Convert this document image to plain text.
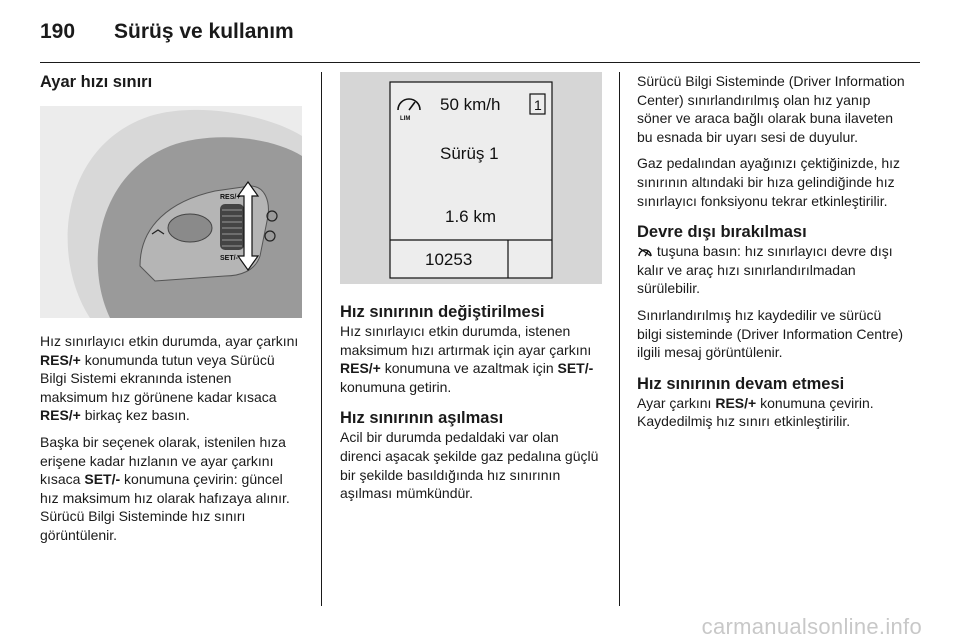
190 Sürüş ve kullanım
Ayar hızı sınırı
RES/+
SET/-

Hız sınırlayıcı etkin durumda, ayar çarkını RES/+ konumunda tutun veya Sürücü Bilgi Sistemi ekranında istenen maksimum hız görünene kadar kısaca RES/+ birkaç kez basın.

Başka bir seçenek olarak, istenilen hıza erişene kadar hızlanın ve ayar çarkını kısaca SET/- konumuna çevirin: güncel hız maksimum hız olarak hafızaya alınır. Sürücü Bilgi Sisteminde hız sınırı görüntülenir.

LIM
50 km/h 1
Sürüş 1
1.6 km
10253
Hız sınırının değiştirilmesi

Hız sınırlayıcı etkin durumda, istenen maksimum hızı artırmak için ayar çarkını RES/+ konumuna ve azaltmak için SET/- konumuna getirin.

Hız sınırının aşılması

Acil bir durumda pedaldaki var olan direnci aşacak şekilde gaz pedalına güçlü bir şekilde basıldığında hız sınırının aşılması mümkündür.

Sürücü Bilgi Sisteminde (Driver Information Center) sınırlandırılmış olan hız yanıp söner ve araca bağlı olarak buna ilaveten bu esnada bir uyarı sesi de duyulur.

Gaz pedalından ayağınızı çektiğinizde, hız sınırının altındaki bir hıza gelindiğinde hız sınırlayıcı fonksiyonu tekrar etkinleştirilir.

Devre dışı bırakılması

tuşuna basın: hız sınırlayıcı devre dışı kalır ve araç hızı sınırlandırılmadan sürülebilir.

Sınırlandırılmış hız kaydedilir ve sürücü bilgi sisteminde (Driver Information Centre) ilgili mesaj görüntülenir.

Hız sınırının devam etmesi

Ayar çarkını RES/+ konumuna çevirin. Kaydedilmiş hız sınırı etkinleştirilir.

carmanualsonline.info
